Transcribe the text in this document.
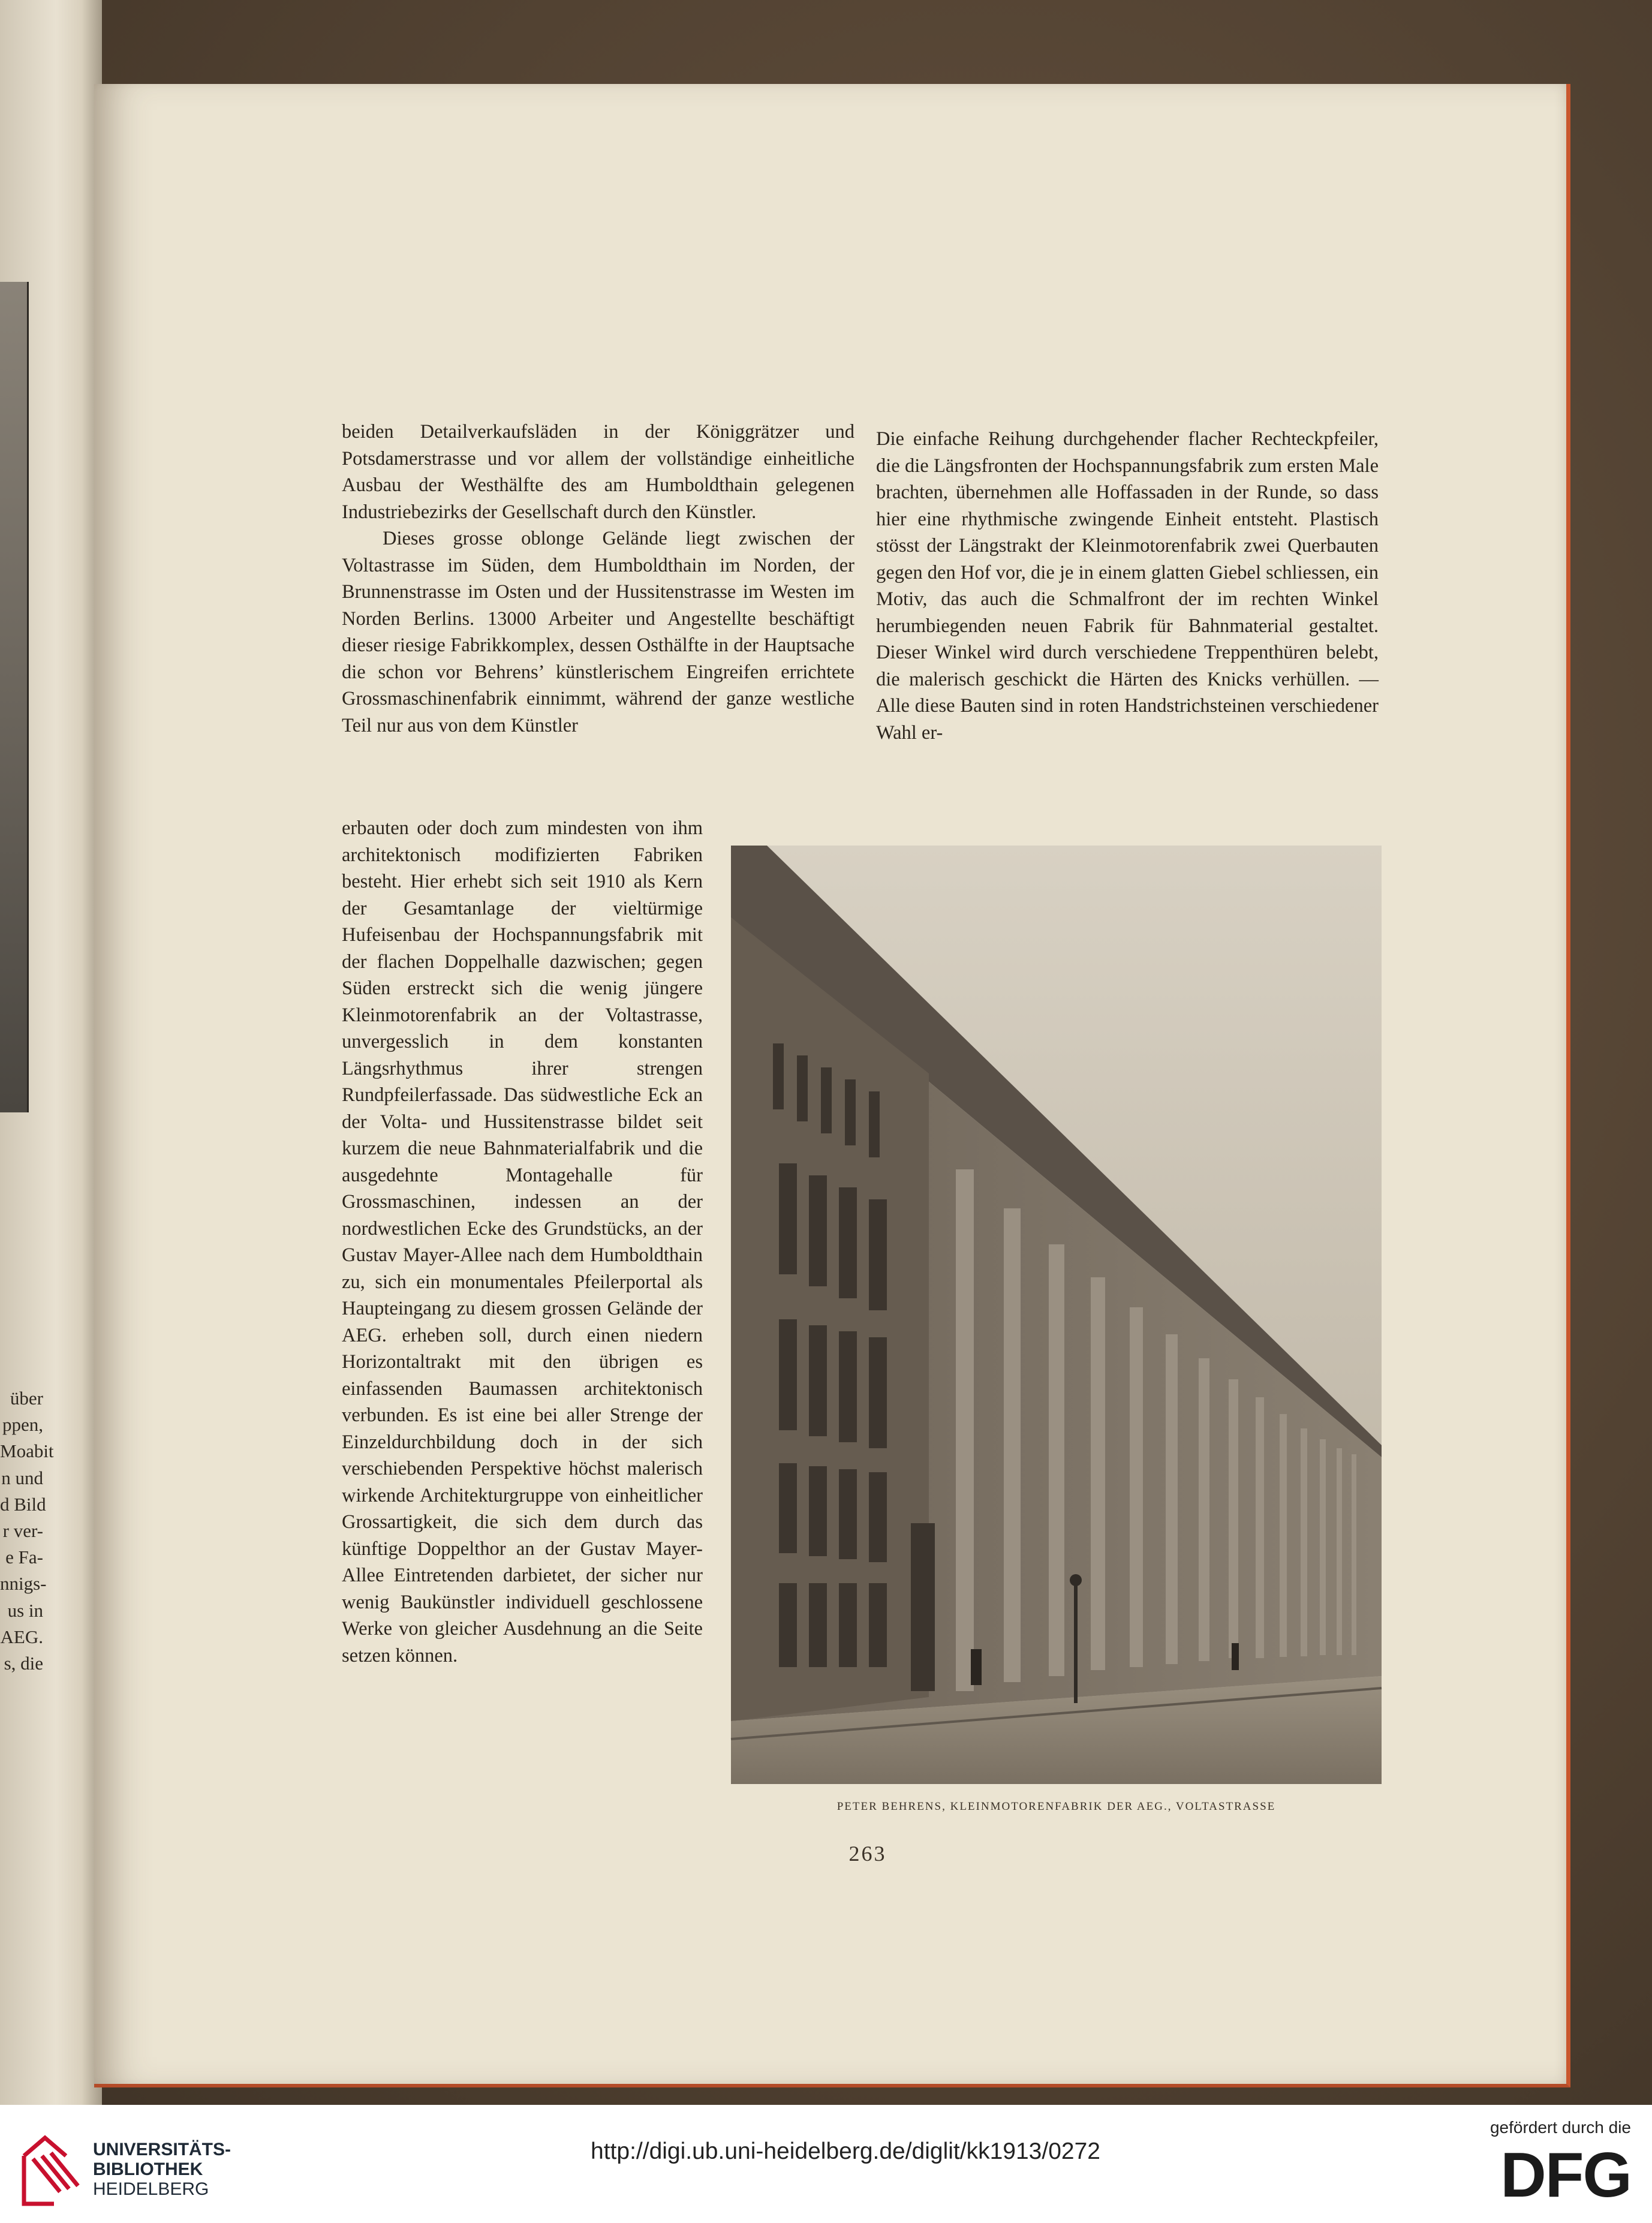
über
ppen,
Moabit
n und
d Bild
r ver-
e Fa-
nnigs-
us in
AEG.
s, die

beiden Detailverkaufsläden in der Königgrätzer und Potsdamerstrasse und vor allem der vollständige einheitliche Ausbau der Westhälfte des am Humboldthain gelegenen Industriebezirks der Gesellschaft durch den Künstler.

Dieses grosse oblonge Gelände liegt zwischen der Voltastrasse im Süden, dem Humboldthain im Norden, der Brunnenstrasse im Osten und der Hussitenstrasse im Westen im Norden Berlins. 13000 Arbeiter und Angestellte beschäftigt dieser riesige Fabrikkomplex, dessen Osthälfte in der Hauptsache die schon vor Behrens’ künstlerischem Eingreifen errichtete Grossmaschinenfabrik einnimmt, während der ganze westliche Teil nur aus von dem Künstler

erbauten oder doch zum mindesten von ihm architektonisch modifizierten Fabriken besteht. Hier erhebt sich seit 1910 als Kern der Gesamtanlage der vieltürmige Hufeisenbau der Hochspannungsfabrik mit der flachen Doppelhalle dazwischen; gegen Süden erstreckt sich die wenig jüngere Kleinmotorenfabrik an der Voltastrasse, unvergesslich in dem konstanten Längsrhythmus ihrer strengen Rundpfeilerfassade. Das südwestliche Eck an der Volta- und Hussitenstrasse bildet seit kurzem die neue Bahnmaterialfabrik und die ausgedehnte Montagehalle für Grossmaschinen, indessen an der nordwestlichen Ecke des Grundstücks, an der Gustav Mayer-Allee nach dem Humboldthain zu, sich ein monumentales Pfeilerportal als Haupteingang zu diesem grossen Gelände der AEG. erheben soll, durch einen niedern Horizontaltrakt mit den übrigen es einfassenden Baumassen architektonisch verbunden. Es ist eine bei aller Strenge der Einzeldurchbildung doch in der sich verschiebenden Perspektive höchst malerisch wirkende Architekturgruppe von einheitlicher Grossartigkeit, die sich dem durch das künftige Doppelthor an der Gustav Mayer-Allee Eintretenden darbietet, der sicher nur wenig Baukünstler individuell geschlossene Werke von gleicher Ausdehnung an die Seite setzen können.

Die einfache Reihung durchgehender flacher Rechteckpfeiler, die die Längsfronten der Hochspannungsfabrik zum ersten Male brachten, übernehmen alle Hoffassaden in der Runde, so dass hier eine rhythmische zwingende Einheit entsteht. Plastisch stösst der Längstrakt der Kleinmotorenfabrik zwei Querbauten gegen den Hof vor, die je in einem glatten Giebel schliessen, ein Motiv, das auch die Schmalfront der im rechten Winkel herumbiegenden neuen Fabrik für Bahnmaterial gestaltet. Dieser Winkel wird durch verschiedene Treppenthüren belebt, die malerisch geschickt die Härten des Knicks verhüllen. — Alle diese Bauten sind in roten Handstrichsteinen verschiedener Wahl er-

PETER BEHRENS, KLEINMOTORENFABRIK DER AEG., VOLTASTRASSE
263
UNIVERSITÄTS-
BIBLIOTHEK
HEIDELBERG
http://digi.ub.uni-heidelberg.de/diglit/kk1913/0272
gefördert durch die
DFG
